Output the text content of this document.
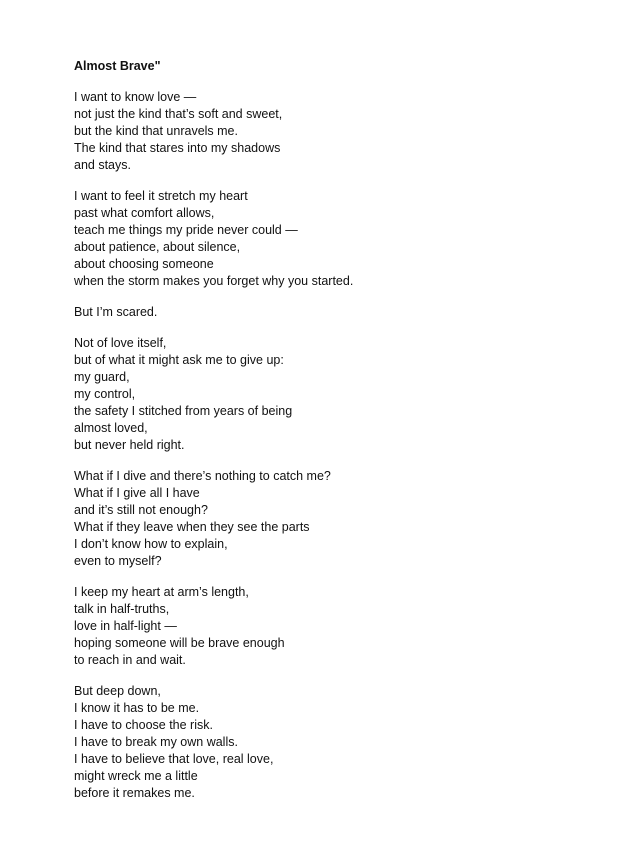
Almost Brave"
I want to know love —
not just the kind that’s soft and sweet,
but the kind that unravels me.
The kind that stares into my shadows
and stays.
I want to feel it stretch my heart
past what comfort allows,
teach me things my pride never could —
about patience, about silence,
about choosing someone
when the storm makes you forget why you started.
But I’m scared.
Not of love itself,
but of what it might ask me to give up:
my guard,
my control,
the safety I stitched from years of being
almost loved,
but never held right.
What if I dive and there’s nothing to catch me?
What if I give all I have
and it’s still not enough?
What if they leave when they see the parts
I don’t know how to explain,
even to myself?
I keep my heart at arm’s length,
talk in half-truths,
love in half-light —
hoping someone will be brave enough
to reach in and wait.
But deep down,
I know it has to be me.
I have to choose the risk.
I have to break my own walls.
I have to believe that love, real love,
might wreck me a little
before it remakes me.
